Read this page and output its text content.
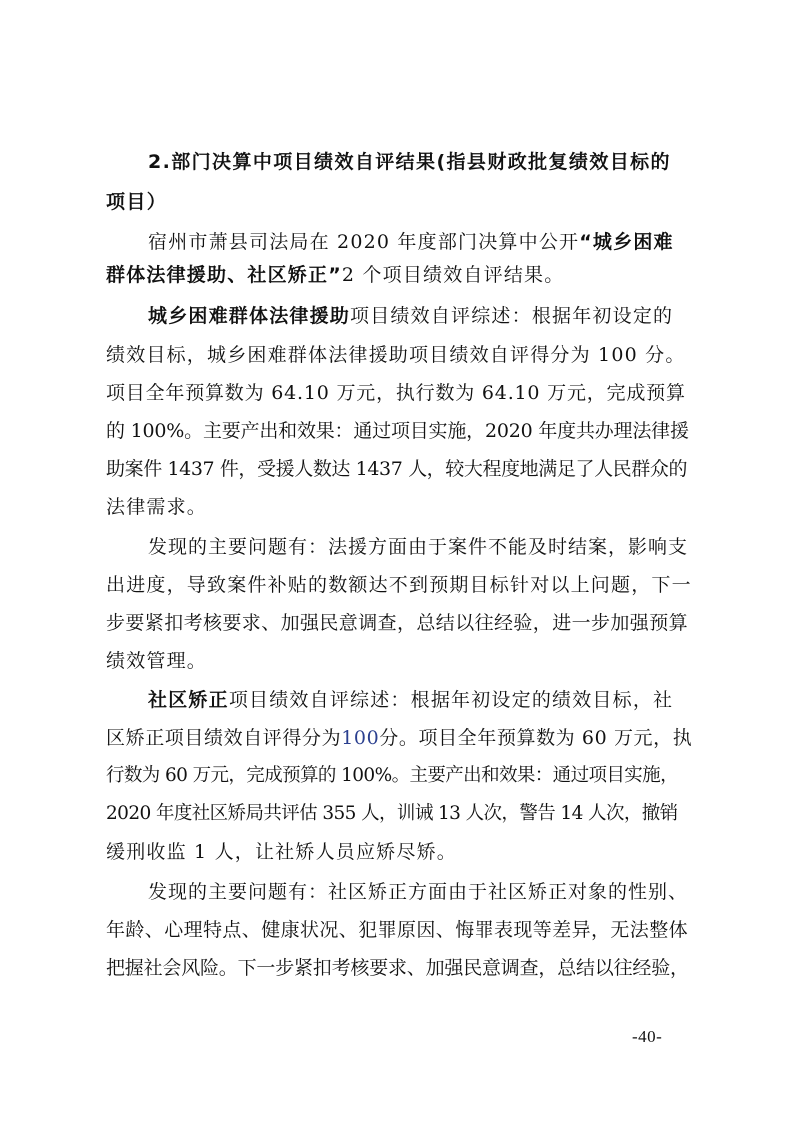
2.部门决算中项目绩效自评结果(指县财政批复绩效目标的
项目）
宿州市萧县司法局在 2020 年度部门决算中公开“城乡困难
群体法律援助、社区矫正”2 个项目绩效自评结果。
城乡困难群体法律援助项目绩效自评综述：根据年初设定的
绩效目标，城乡困难群体法律援助项目绩效自评得分为 100 分。
项目全年预算数为 64.10 万元，执行数为 64.10 万元，完成预算
的 100%。主要产出和效果：通过项目实施，2020 年度共办理法律援
助案件 1437 件，受援人数达 1437 人，较大程度地满足了人民群众的
法律需求。
发现的主要问题有：法援方面由于案件不能及时结案，影响支
出进度，导致案件补贴的数额达不到预期目标针对以上问题，下一
步要紧扣考核要求、加强民意调查，总结以往经验，进一步加强预算
绩效管理。
社区矫正项目绩效自评综述：根据年初设定的绩效目标，社
区矫正项目绩效自评得分为100分。项目全年预算数为 60 万元，执
行数为 60 万元，完成预算的 100%。主要产出和效果：通过项目实施，
2020 年度社区矫局共评估 355 人，训诫 13 人次，警告 14 人次，撤销
缓刑收监 1 人，让社矫人员应矫尽矫。
发现的主要问题有：社区矫正方面由于社区矫正对象的性别、
年龄、心理特点、健康状况、犯罪原因、悔罪表现等差异，无法整体
把握社会风险。下一步紧扣考核要求、加强民意调查，总结以往经验，
-40-
